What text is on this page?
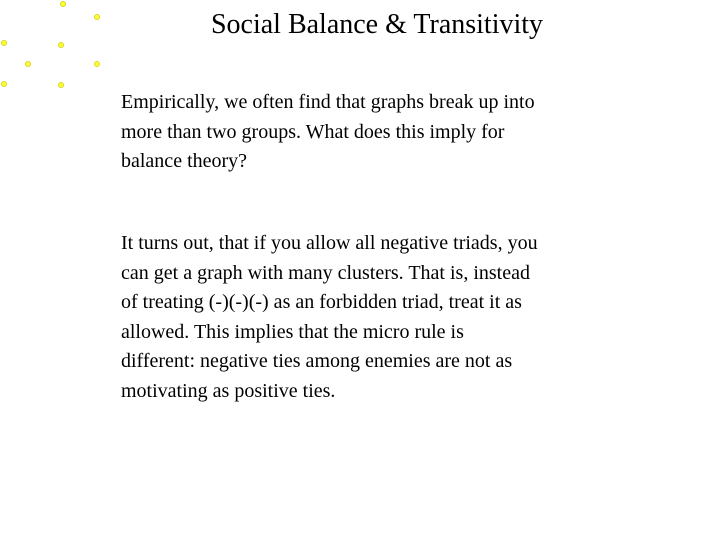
Social Balance & Transitivity
Empirically, we often find that graphs break up into
more than two groups. What does this imply for
balance theory?
It turns out, that if you allow all negative triads, you
can get a graph with many clusters. That is, instead
of treating (-)(-)(-) as an forbidden triad, treat it as
allowed. This implies that the micro rule is
different: negative ties among enemies are not as
motivating as positive ties.
